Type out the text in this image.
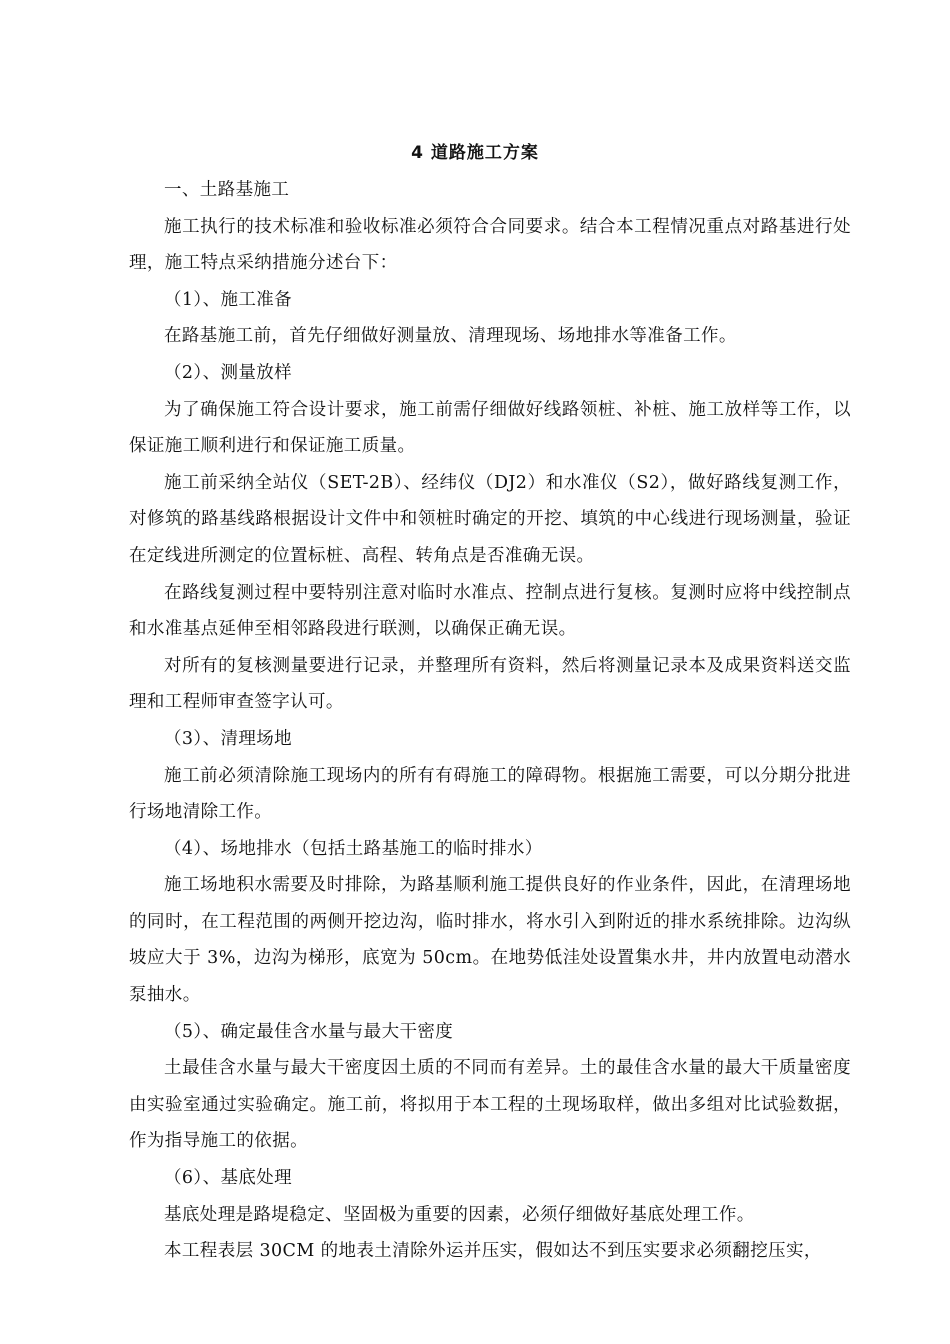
4 道路施工方案

一、土路基施工

施工执行的技术标准和验收标准必须符合合同要求。结合本工程情况重点对路基进行处理，施工特点采纳措施分述台下：

（1）、施工准备

在路基施工前，首先仔细做好测量放、清理现场、场地排水等准备工作。

（2）、测量放样

为了确保施工符合设计要求，施工前需仔细做好线路领桩、补桩、施工放样等工作，以保证施工顺利进行和保证施工质量。

施工前采纳全站仪（SET-2B）、经纬仪（DJ2）和水准仪（S2），做好路线复测工作，对修筑的路基线路根据设计文件中和领桩时确定的开挖、填筑的中心线进行现场测量，验证在定线进所测定的位置标桩、高程、转角点是否准确无误。

在路线复测过程中要特别注意对临时水准点、控制点进行复核。复测时应将中线控制点和水准基点延伸至相邻路段进行联测，以确保正确无误。

对所有的复核测量要进行记录，并整理所有资料，然后将测量记录本及成果资料送交监理和工程师审查签字认可。

（3）、清理场地

施工前必须清除施工现场内的所有有碍施工的障碍物。根据施工需要，可以分期分批进行场地清除工作。

（4）、场地排水（包括土路基施工的临时排水）

施工场地积水需要及时排除，为路基顺利施工提供良好的作业条件，因此，在清理场地的同时，在工程范围的两侧开挖边沟，临时排水，将水引入到附近的排水系统排除。边沟纵坡应大于 3%，边沟为梯形，底宽为 50cm。在地势低洼处设置集水井，井内放置电动潜水泵抽水。

（5）、确定最佳含水量与最大干密度

土最佳含水量与最大干密度因土质的不同而有差异。土的最佳含水量的最大干质量密度由实验室通过实验确定。施工前，将拟用于本工程的土现场取样，做出多组对比试验数据，作为指导施工的依据。

（6）、基底处理

基底处理是路堤稳定、坚固极为重要的因素，必须仔细做好基底处理工作。

本工程表层 30CM 的地表土清除外运并压实，假如达不到压实要求必须翻挖压实，
